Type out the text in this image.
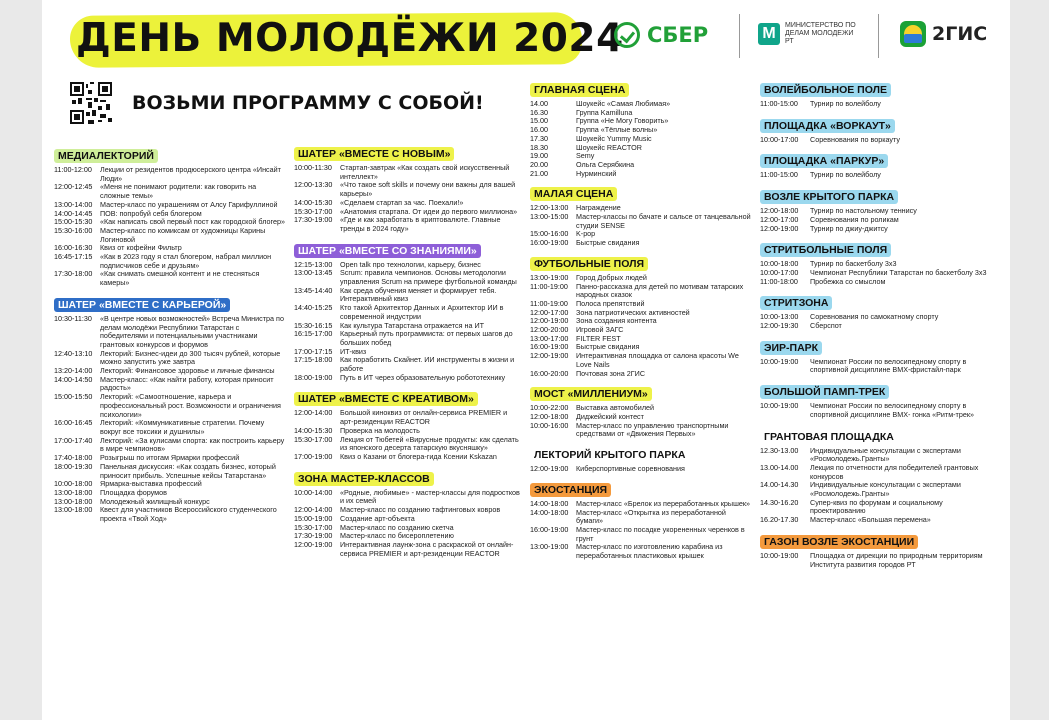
ДЕНЬ МОЛОДЁЖИ 2024 СБЕР	М	МИНИСТЕРСТВО ПО ДЕЛАМ МОЛОДЕЖИ РТ	2ГИС
ВОЗЬМИ ПРОГРАММУ С СОБОЙ!
МЕДИАЛЕКТОРИЙ
11:00-12:00	Лекции от резидентов продюсерского центра «Инсайт Люди»
12:00-12:45	«Меня не понимают родители: как говорить на сложные темы»
13:00-14:00	Мастер-класс по украшениям от Алсу Гарифуллиной
14:00-14:45	ПОВ: попробуй себя блогером
15:00-15:30	«Как написать свой первый пост как городской блогер»
15:30-16:00	Мастер-класс по комиксам от художницы Карины Логиновой
16:00-16:30	Квиз от кофейни Фильтр
16:45-17:15	«Как в 2023 году я стал блогером, набрал миллион подписчиков себе и друзьям»
17:30-18:00	«Как снимать смешной контент и не стесняться камеры»
ШАТЕР «ВМЕСТЕ С КАРЬЕРОЙ»
10:30-11:30	«В центре новых возможностей» Встреча Министра по делам молодёжи Республики Татарстан с победителями и потенциальными участниками грантовых конкурсов и форумов
12:40-13:10	Лекторий: Бизнес-идеи до 300 тысяч рублей, которые можно запустить уже завтра
13:20-14:00	Лекторий: Финансовое здоровье и личные финансы
14:00-14:50	Мастер-класс: «Как найти работу, которая приносит радость»
15:00-15:50	Лекторий: «Самоотношение, карьера и профессиональный рост. Возможности и ограничения психологии»
16:00-16:45	Лекторий: «Коммуникативные стратегии. Почему вокруг все токсики и душнилы»
17:00-17:40	Лекторий: «За кулисами спорта: как построить карьеру в мире чемпионов»
17:40-18:00	Розыгрыш по итогам Ярмарки профессий
18:00-19:30	Панельная дискуссия: «Как создать бизнес, который приносит прибыль. Успешные кейсы Татарстана»
10:00-18:00	Ярмарка-выставка профессий
13:00-18:00	Площадка форумов
13:00-18:00	Молодежный жилищный конкурс
13:00-18:00	Квест для участников Всероссийского студенческого проекта «Твой Ход»
ШАТЕР «ВМЕСТЕ С НОВЫМ»
10:00-11:30	Стартап-завтрак «Как создать свой искусственный интеллект»
12:00-13:30	«Что такое soft skills и почему они важны для вашей карьеры»
14:00-15:30	«Сделаем стартап за час. Поехали!»
15:30-17:00	«Анатомия стартапа. От идеи до первого миллиона»
17:30-19:00	«Где и как заработать в криптовалюте. Главные тренды в 2024 году»
ШАТЕР «ВМЕСТЕ СО ЗНАНИЯМИ»
12:15-13:00	Open talk про технологии, карьеру, бизнес
13:00-13:45	Scrum: правила чемпионов. Основы методологии управления Scrum на примере футбольной команды
13:45-14:40	Как среда обучения меняет и формирует тебя. Интерактивный квиз
14:40-15:25	Кто такой Архитектор Данных и Архитектор ИИ в современной индустрии
15:30-16:15	Как культура Татарстана отражается на ИТ
16:15-17:00	Карьерный путь программиста: от первых шагов до больших побед
17:00-17:15	ИТ-квиз
17:15-18:00	Как поработить Скайнет. ИИ инструменты в жизни и работе
18:00-19:00	Путь в ИТ через образовательную робототехнику
ШАТЕР «ВМЕСТЕ С КРЕАТИВОМ»
12:00-14:00	Большой киноквиз от онлайн-сервиса PREMIER и арт-резиденции REACTOR
14:00-15:30	Проверка на молодость
15:30-17:00	Лекция от Тюбетей «Вирусные продукты: как сделать из японского десерта татарскую вкусняшку»
17:00-19:00	Квиз о Казани от блогера-гида Ксении Kskazan
ЗОНА МАСТЕР-КЛАССОВ
10:00-14:00	«Родные, любимые» - мастер-классы для подростков и их семей
12:00-14:00	Мастер-класс по созданию тафтинговых ковров
15:00-19:00	Создание арт-объекта
15:30-17:00	Мастер-класс по созданию скетча
17:30-19:00	Мастер-класс по бисероплетению
12:00-19:00	Интерактивная лаунж-зона с раскраской от онлайн-сервиса PREMIER и арт-резиденции REACTOR
ГЛАВНАЯ СЦЕНА
14.00	Шоукейс «Самая Любимая»
16.30	Группа Kamilluna
15.00	Группа «Не Могу Говорить»
16.00	Группа «Тёплые волны»
17.30	Шоукейс Yummy Music
18.30	Шоукейс REACTOR
19.00	Semy
20.00	Ольга Серябкина
21.00	Нурминский
МАЛАЯ СЦЕНА
12:00-13:00	Награждение
13:00-15:00	Мастер-классы по бачате и сальсе от танцевальной студии SENSE
15:00-16:00	K-pop
16:00-19:00	Быстрые свидания
ФУТБОЛЬНЫЕ ПОЛЯ
13:00-19:00	Город Добрых людей
11:00-19:00	Панно-рассказка для детей по мотивам татарских народных сказок
11:00-19:00	Полоса препятствий
12:00-17:00	Зона патриотических активностей
12:00-19:00	Зона создания контента
12:00-20:00	Игровой ЗАГС
13:00-17:00	FILTER FEST
16:00-19:00	Быстрые свидания
12:00-19:00	Интерактивная площадка от салона красоты We Love Nails
16:00-20:00	Почтовая зона 2ГИС
МОСТ «МИЛЛЕНИУМ»
10:00-22:00	Выставка автомобилей
12:00-18:00	Диджейский контест
10:00-16:00	Мастер-класс по управлению транспортными средствами от «Движения Первых»
ЛЕКТОРИЙ КРЫТОГО ПАРКА
12:00-19:00	Киберспортивные соревнования
ЭКОСТАНЦИЯ
14:00-18:00	Мастер-класс «Брелок из переработанных крышек»
14:00-18:00	Мастер-класс «Открытка из переработанной бумаги»
16:00-19:00	Мастер-класс по посадке укорененных черенков в грунт
13:00-19:00	Мастер-класс по изготовлению карабина из переработанных пластиковых крышек
ВОЛЕЙБОЛЬНОЕ ПОЛЕ
11:00-15:00	Турнир по волейболу
ПЛОЩАДКА «ВОРКАУТ»
10:00-17:00	Соревнования по воркауту
ПЛОЩАДКА «ПАРКУР»
11:00-15:00	Турнир по волейболу
ВОЗЛЕ КРЫТОГО ПАРКА
12:00-18:00	Турнир по настольному теннису
12:00-17:00	Соревнования по роликам
12:00-19:00	Турнир по джиу-джитсу
СТРИТБОЛЬНЫЕ ПОЛЯ
10:00-18:00	Турнир по баскетболу 3х3
10:00-17:00	Чемпионат Республики Татарстан по баскетболу 3х3
11:00-18:00	Пробежка со смыслом
СТРИТЗОНА
10:00-13:00	Соревнования по самокатному спорту
12:00-19:30	Сберспот
ЭИР-ПАРК
10:00-19:00	Чемпионат России по велосипедному спорту в спортивной дисциплине BMX-фристайл-парк
БОЛЬШОЙ ПАМП-ТРЕК
10:00-19:00	Чемпионат России по велосипедному спорту в спортивной дисциплине BMX- гонка «Ритм-трек»
ГРАНТОВАЯ ПЛОЩАДКА
12.30-13.00	Индивидуальные консультации с экспертами «Росмолодежь.Гранты»
13.00-14.00	Лекция по отчетности для победителей грантовых конкурсов
14.00-14.30	Индивидуальные консультации с экспертами «Росмолодежь.Гранты»
14.30-16.20	Супер-квиз по форумам и социальному проектированию
16.20-17.30	Мастер-класс «Большая перемена»
ГАЗОН ВОЗЛЕ ЭКОСТАНЦИИ
10:00-19:00	Площадка от дирекции по природным территориям Института развития городов РТ
